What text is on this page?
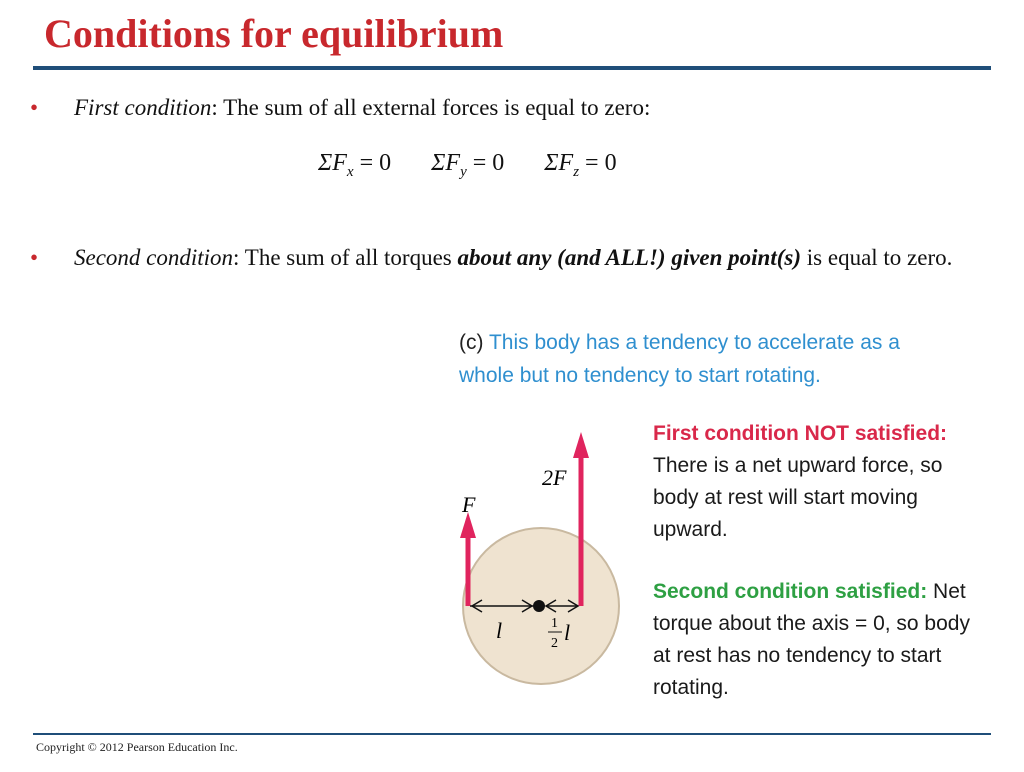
Conditions for equilibrium
• First condition: The sum of all external forces is equal to zero:
$\Sigma F_x = 0$ $\Sigma F_y = 0$ $\Sigma F_z = 0$
• Second condition: The sum of all torques about any (and ALL!) given point(s) is equal to zero.
(c) This body has a tendency to accelerate as a whole but no tendency to start rotating.
F
2F
l	1
2 l
First condition NOT satisfied: There is a net upward force, so body at rest will start moving upward.
Second condition satisfied: Net torque about the axis = 0, so body at rest has no tendency to start rotating.
Copyright © 2012 Pearson Education Inc.
